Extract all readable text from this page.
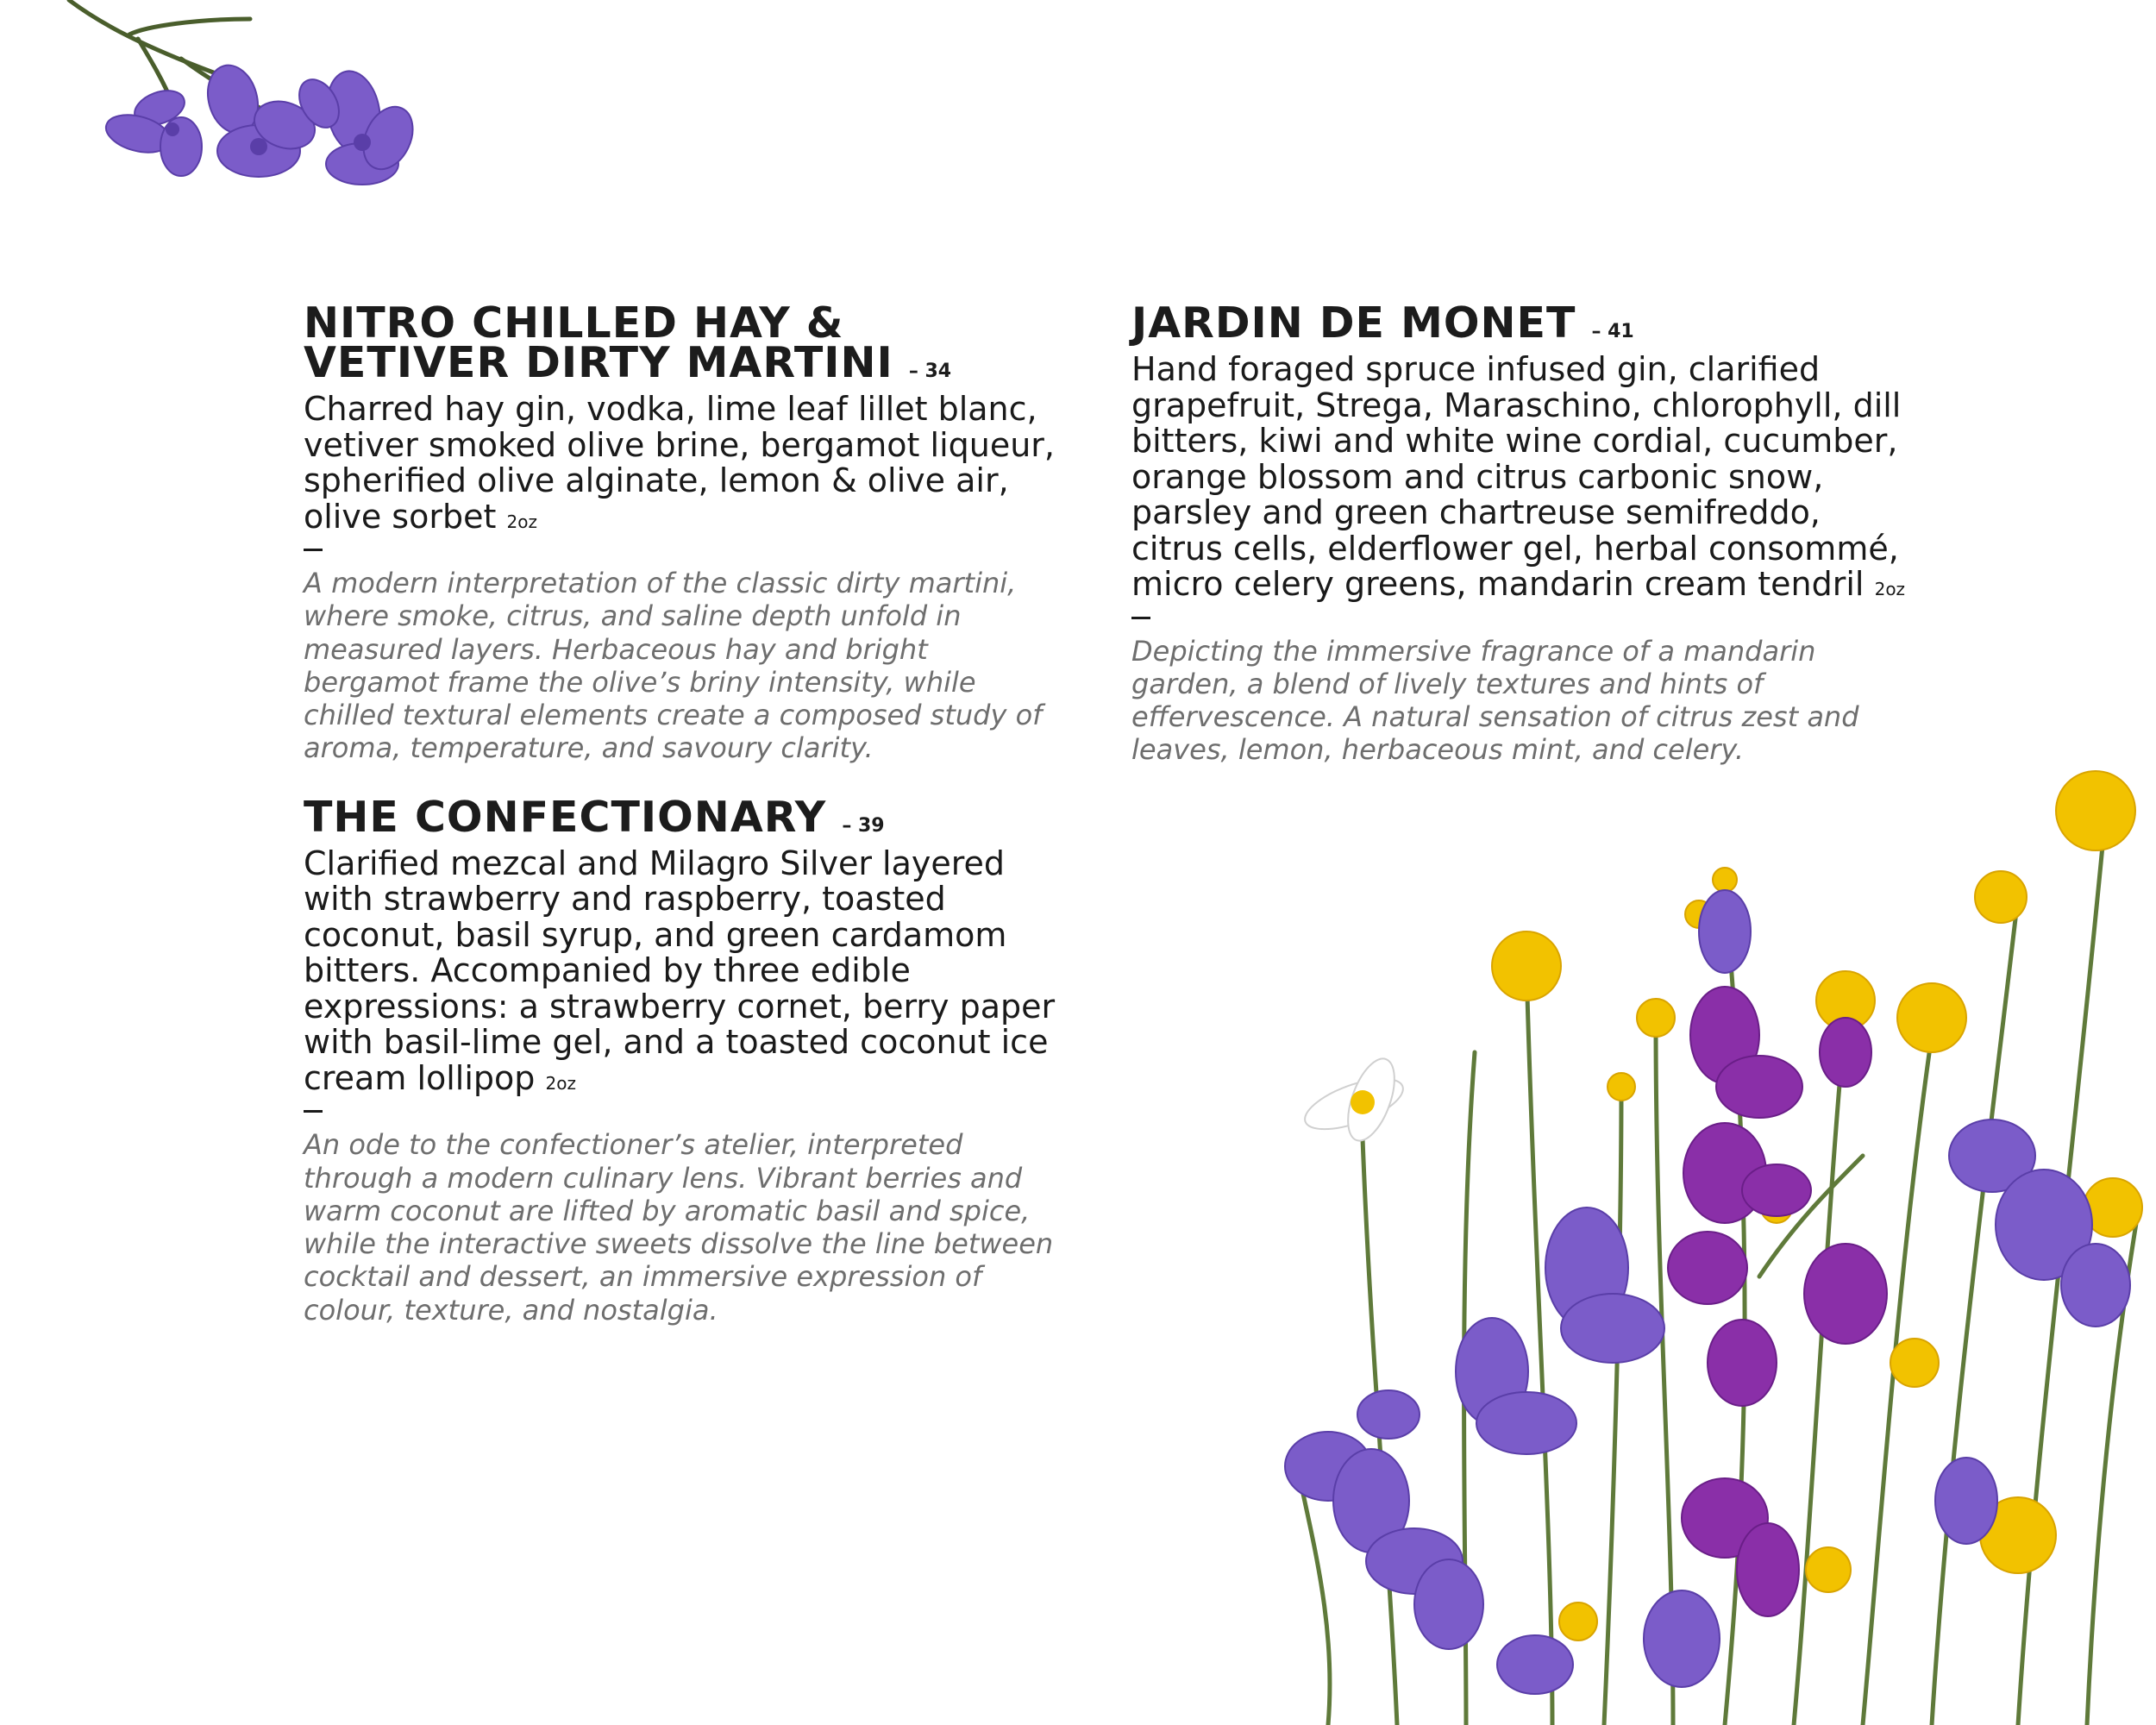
NITRO CHILLED HAY & VETIVER DIRTY MARTINI – 34

Charred hay gin, vodka, lime leaf lillet blanc, vetiver smoked olive brine, bergamot liqueur, spherified olive alginate, lemon & olive air, olive sorbet 2oz

A modern interpretation of the classic dirty martini, where smoke, citrus, and saline depth unfold in measured layers. Herbaceous hay and bright bergamot frame the olive’s briny intensity, while chilled textural elements create a composed study of aroma, temperature, and savoury clarity.

THE CONFECTIONARY – 39

Clarified mezcal and Milagro Silver layered with strawberry and raspberry, toasted coconut, basil syrup, and green cardamom bitters. Accompanied by three edible expressions: a strawberry cornet, berry paper with basil-lime gel, and a toasted coconut ice cream lollipop 2oz

An ode to the confectioner’s atelier, interpreted through a modern culinary lens. Vibrant berries and warm coconut are lifted by aromatic basil and spice, while the interactive sweets dissolve the line between cocktail and dessert, an immersive expression of colour, texture, and nostalgia.

JARDIN DE MONET – 41

Hand foraged spruce infused gin, clarified grapefruit, Strega, Maraschino, chlorophyll, dill bitters, kiwi and white wine cordial, cucumber, orange blossom and citrus carbonic snow, parsley and green chartreuse semifreddo, citrus cells, elderflower gel, herbal consommé, micro celery greens, mandarin cream tendril 2oz

Depicting the immersive fragrance of a mandarin garden, a blend of lively textures and hints of effervescence. A natural sensation of citrus zest and leaves, lemon, herbaceous mint, and celery.
